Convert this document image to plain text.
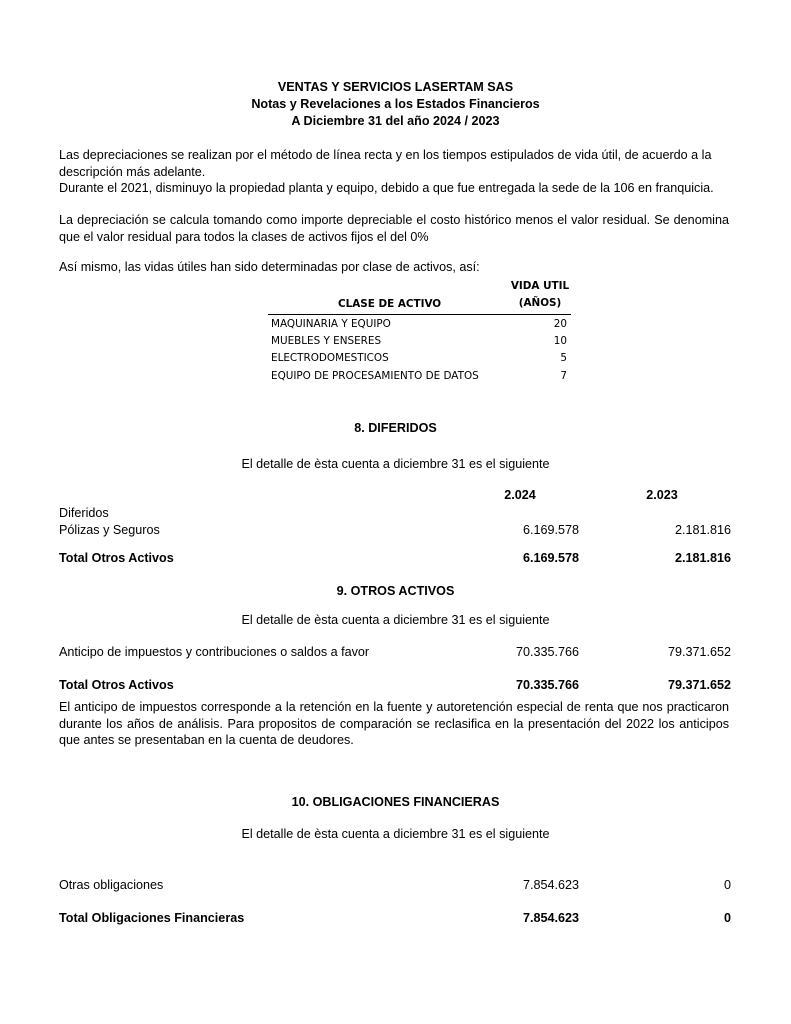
VENTAS Y SERVICIOS LASERTAM SAS
Notas y Revelaciones a los Estados Financieros
A Diciembre 31 del año 2024 / 2023

Las depreciaciones se realizan por el método de línea recta y en los tiempos estipulados de vida útil, de acuerdo a la

descripción más adelante.

Durante el 2021, disminuyo la propiedad planta y equipo, debido a que fue entregada la sede de la 106 en franquicia.

La depreciación se calcula tomando como importe depreciable el costo histórico menos el valor residual. Se denomina que el valor residual para todos la clases de activos fijos el del 0%
Así mismo, las vidas útiles han sido determinadas por clase de activos, así:
VIDA UTIL
(AÑOS)
CLASE DE ACTIVO
MAQUINARIA Y EQUIPO	20
MUEBLES Y ENSERES	10
ELECTRODOMESTICOS	5
EQUIPO DE PROCESAMIENTO DE DATOS	7
8. DIFERIDOS
El detalle de èsta cuenta a diciembre 31 es el siguiente
2.024	2.023
Diferidos
Pólizas y Seguros	6.169.578	2.181.816
Total Otros Activos	6.169.578	2.181.816
9. OTROS ACTIVOS
El detalle de èsta cuenta a diciembre 31 es el siguiente
Anticipo de impuestos y contribuciones o saldos a favor	70.335.766	79.371.652
Total Otros Activos	70.335.766	79.371.652
El anticipo de impuestos corresponde a la retención en la fuente y autoretención especial de renta que nos practicaron durante los años de análisis. Para propositos de comparación se reclasifica en la presentación del 2022 los anticipos que antes se presentaban en la cuenta de deudores.
10. OBLIGACIONES FINANCIERAS
El detalle de èsta cuenta a diciembre 31 es el siguiente
Otras obligaciones	7.854.623	0
Total Obligaciones Financieras	7.854.623	0
